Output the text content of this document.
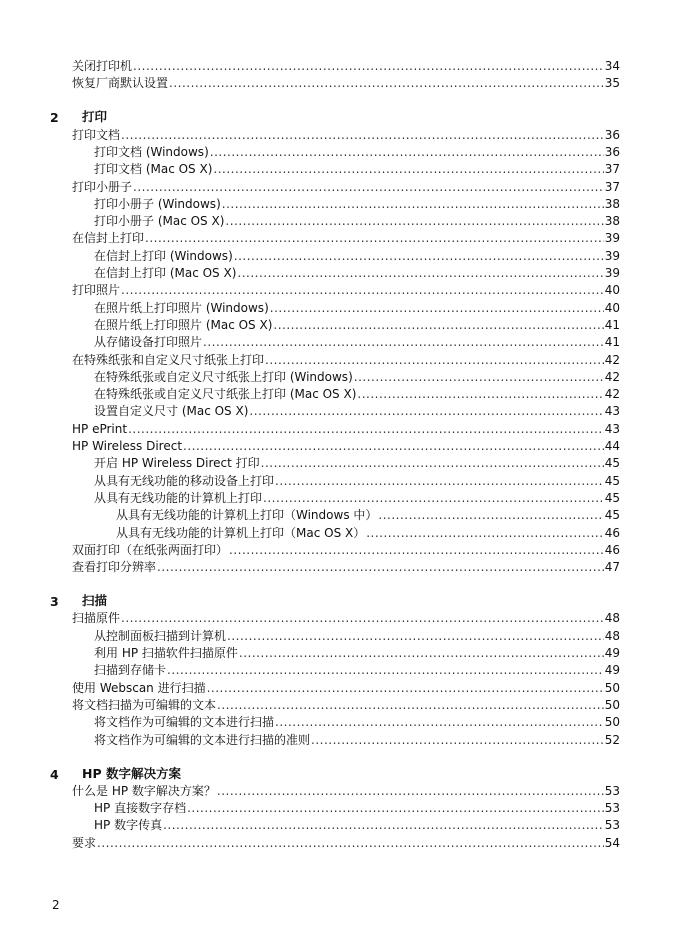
关闭打印机 .....	34
恢复厂商默认设置 .....	35
2 打印
打印文档 .....	36
打印文档 (Windows) .....	36
打印文档 (Mac OS X) .....	37
打印小册子 .....	37
打印小册子 (Windows) .....	38
打印小册子 (Mac OS X) .....	38
在信封上打印 .....	39
在信封上打印 (Windows) .....	39
在信封上打印 (Mac OS X) .....	39
打印照片 .....	40
在照片纸上打印照片 (Windows) .....	40
在照片纸上打印照片 (Mac OS X) .....	41
从存储设备打印照片 .....	41
在特殊纸张和自定义尺寸纸张上打印 .....	42
在特殊纸张或自定义尺寸纸张上打印 (Windows) .....	42
在特殊纸张或自定义尺寸纸张上打印 (Mac OS X) .....	42
设置自定义尺寸 (Mac OS X) .....	43
HP ePrint .....	43
HP Wireless Direct .....	44
开启 HP Wireless Direct 打印 .....	45
从具有无线功能的移动设备上打印 .....	45
从具有无线功能的计算机上打印 .....	45
从具有无线功能的计算机上打印（Windows 中） .....	45
从具有无线功能的计算机上打印（Mac OS X） .....	46
双面打印（在纸张两面打印） .....	46
查看打印分辨率 .....	47
3 扫描
扫描原件 .....	48
从控制面板扫描到计算机 .....	48
利用 HP 扫描软件扫描原件 .....	49
扫描到存储卡 .....	49
使用 Webscan 进行扫描 .....	50
将文档扫描为可编辑的文本 .....	50
将文档作为可编辑的文本进行扫描 .....	50
将文档作为可编辑的文本进行扫描的准则 .....	52
4 HP 数字解决方案
什么是 HP 数字解决方案？ .....	53
HP 直接数字存档 .....	53
HP 数字传真 .....	53
要求 .....	54
2
